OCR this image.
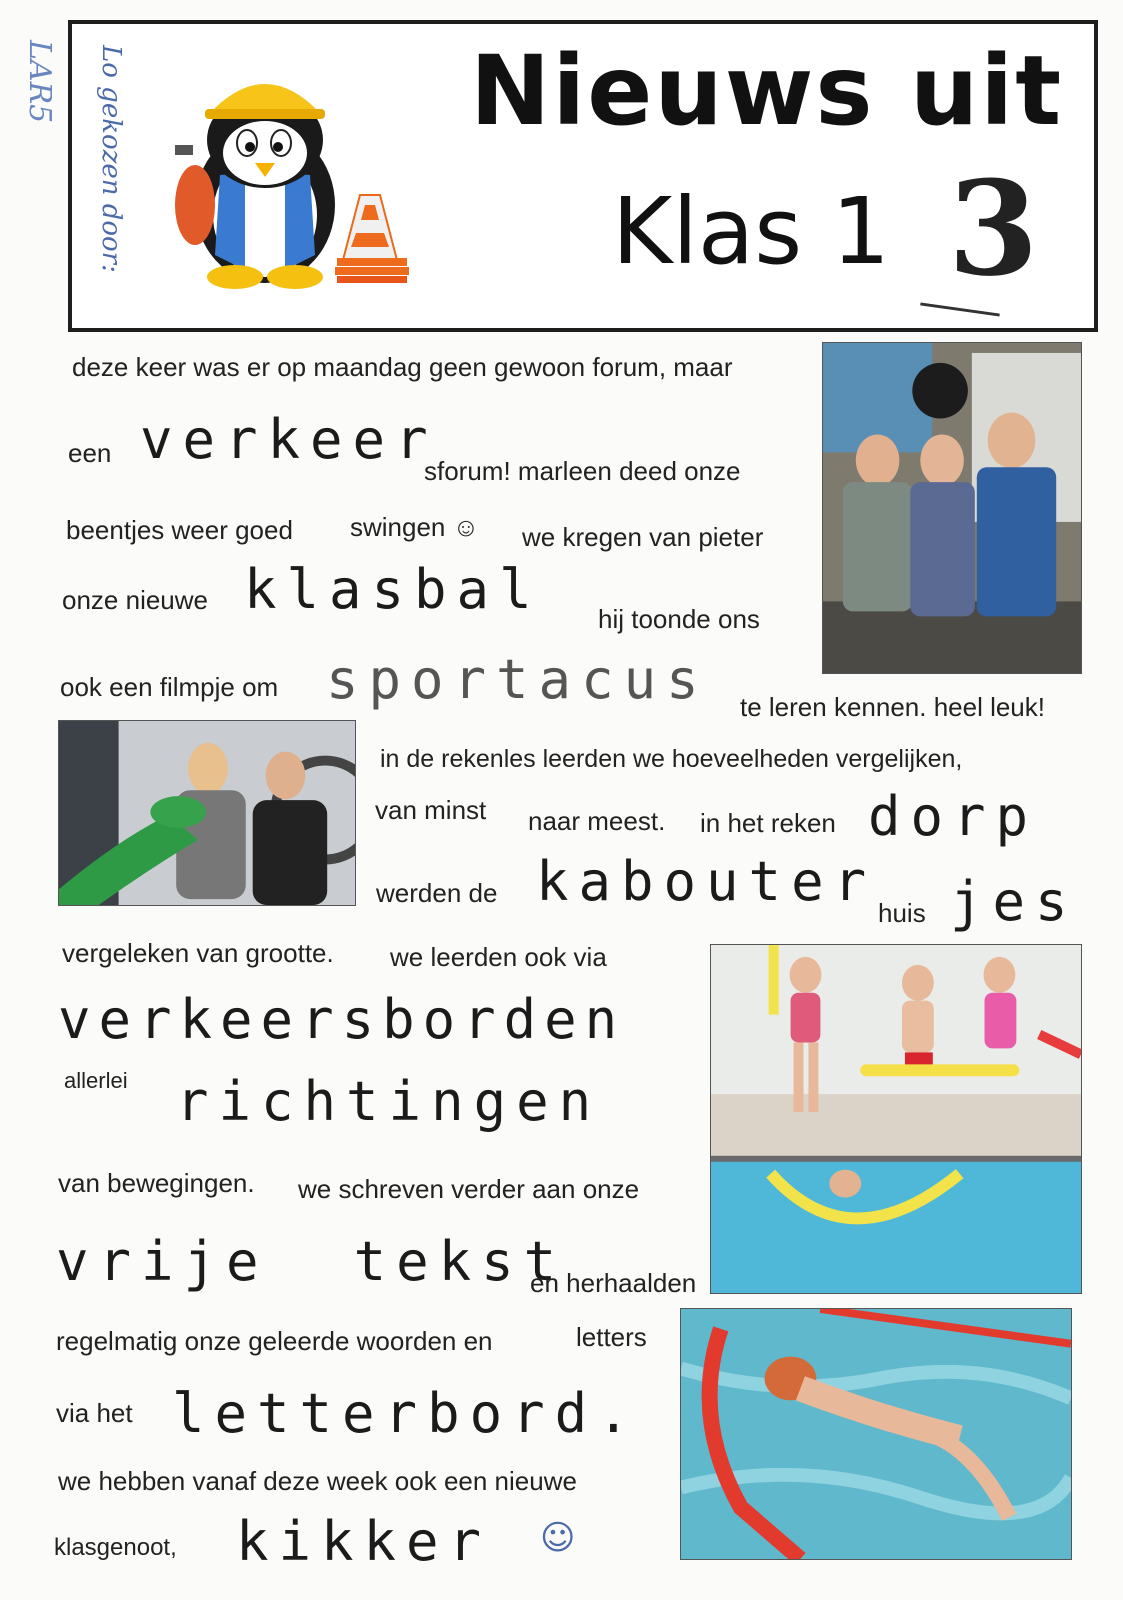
LAR5 Lo gekozen door:	Nieuws uit
Klas 1 3
deze keer was er op maandag geen gewoon forum, maar
een verkeer
sforum! marleen deed onze
beentjes weer goed swingen ☺ we kregen van pieter
onze nieuwe klasbal hij toonde ons
ook een filmpje om sportacus te leren kennen. heel leuk!
in de rekenles leerden we hoeveelheden vergelijken,
van minst naar meest. in het reken dorp
werden de kabouter huis jes
vergeleken van grootte. we leerden ook via
verkeersborden
allerlei richtingen
van bewegingen. we schreven verder aan onze
vrije  tekst
en herhaalden
regelmatig onze geleerde woorden en	letters
via het letterbord.
we hebben vanaf deze week ook een nieuwe
klasgenoot, kikker ☺
